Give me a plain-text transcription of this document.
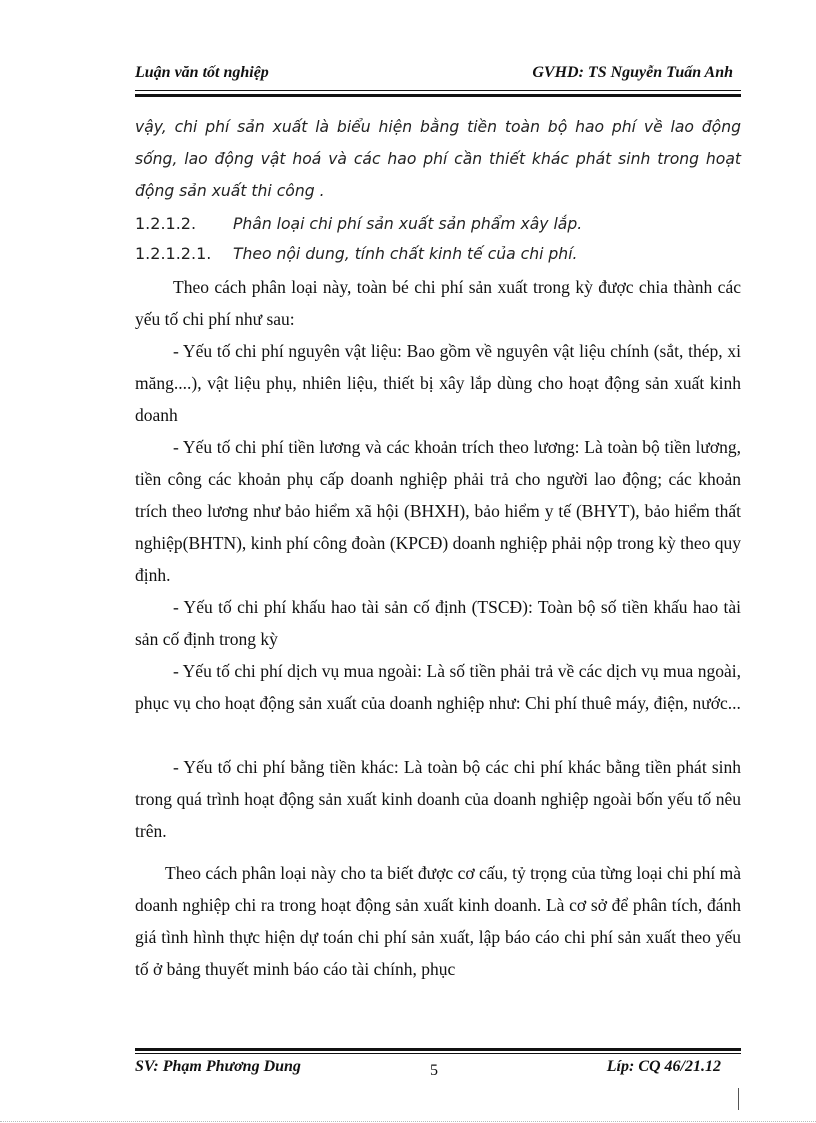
Luận văn tốt nghiệp	GVHD: TS Nguyễn Tuấn Anh

vậy, chi phí sản xuất là biểu hiện bằng tiền toàn bộ hao phí về lao động sống, lao động vật hoá và các hao phí cần thiết khác phát sinh trong hoạt động sản xuất thi công .

1.2.1.2. Phân loại chi phí sản xuất sản phẩm xây lắp.
1.2.1.2.1. Theo nội dung, tính chất kinh tế của chi phí.

Theo cách phân loại này, toàn bé chi phí sản xuất trong kỳ được chia thành các yếu tố chi phí như sau:

- Yếu tố chi phí nguyên vật liệu: Bao gồm về nguyên vật liệu chính (sắt, thép, xi măng....), vật liệu phụ, nhiên liệu, thiết bị xây lắp dùng cho hoạt động sản xuất kinh doanh

- Yếu tố chi phí tiền lương và các khoản trích theo lương: Là toàn bộ tiền lương, tiền công các khoản phụ cấp doanh nghiệp phải trả cho người lao động; các khoản trích theo lương như bảo hiểm xã hội (BHXH), bảo hiểm y tế (BHYT), bảo hiểm thất nghiệp(BHTN), kinh phí công đoàn (KPCĐ) doanh nghiệp phải nộp trong kỳ theo quy định.

- Yếu tố chi phí khấu hao tài sản cố định (TSCĐ): Toàn bộ số tiền khấu hao tài sản cố định trong kỳ

- Yếu tố chi phí dịch vụ mua ngoài: Là số tiền phải trả về các dịch vụ mua ngoài, phục vụ cho hoạt động sản xuất của doanh nghiệp như: Chi phí thuê máy, điện, nước...

- Yếu tố chi phí bằng tiền khác: Là toàn bộ các chi phí khác bằng tiền phát sinh trong quá trình hoạt động sản xuất kinh doanh của doanh nghiệp ngoài bốn yếu tố nêu trên.

Theo cách phân loại này cho ta biết được cơ cấu, tỷ trọng của từng loại chi phí mà doanh nghiệp chi ra trong hoạt động sản xuất kinh doanh. Là cơ sở để phân tích, đánh giá tình hình thực hiện dự toán chi phí sản xuất, lập báo cáo chi phí sản xuất theo yếu tố ở bảng thuyết minh báo cáo tài chính, phục

SV: Phạm Phương Dung	5	Líp: CQ 46/21.12
